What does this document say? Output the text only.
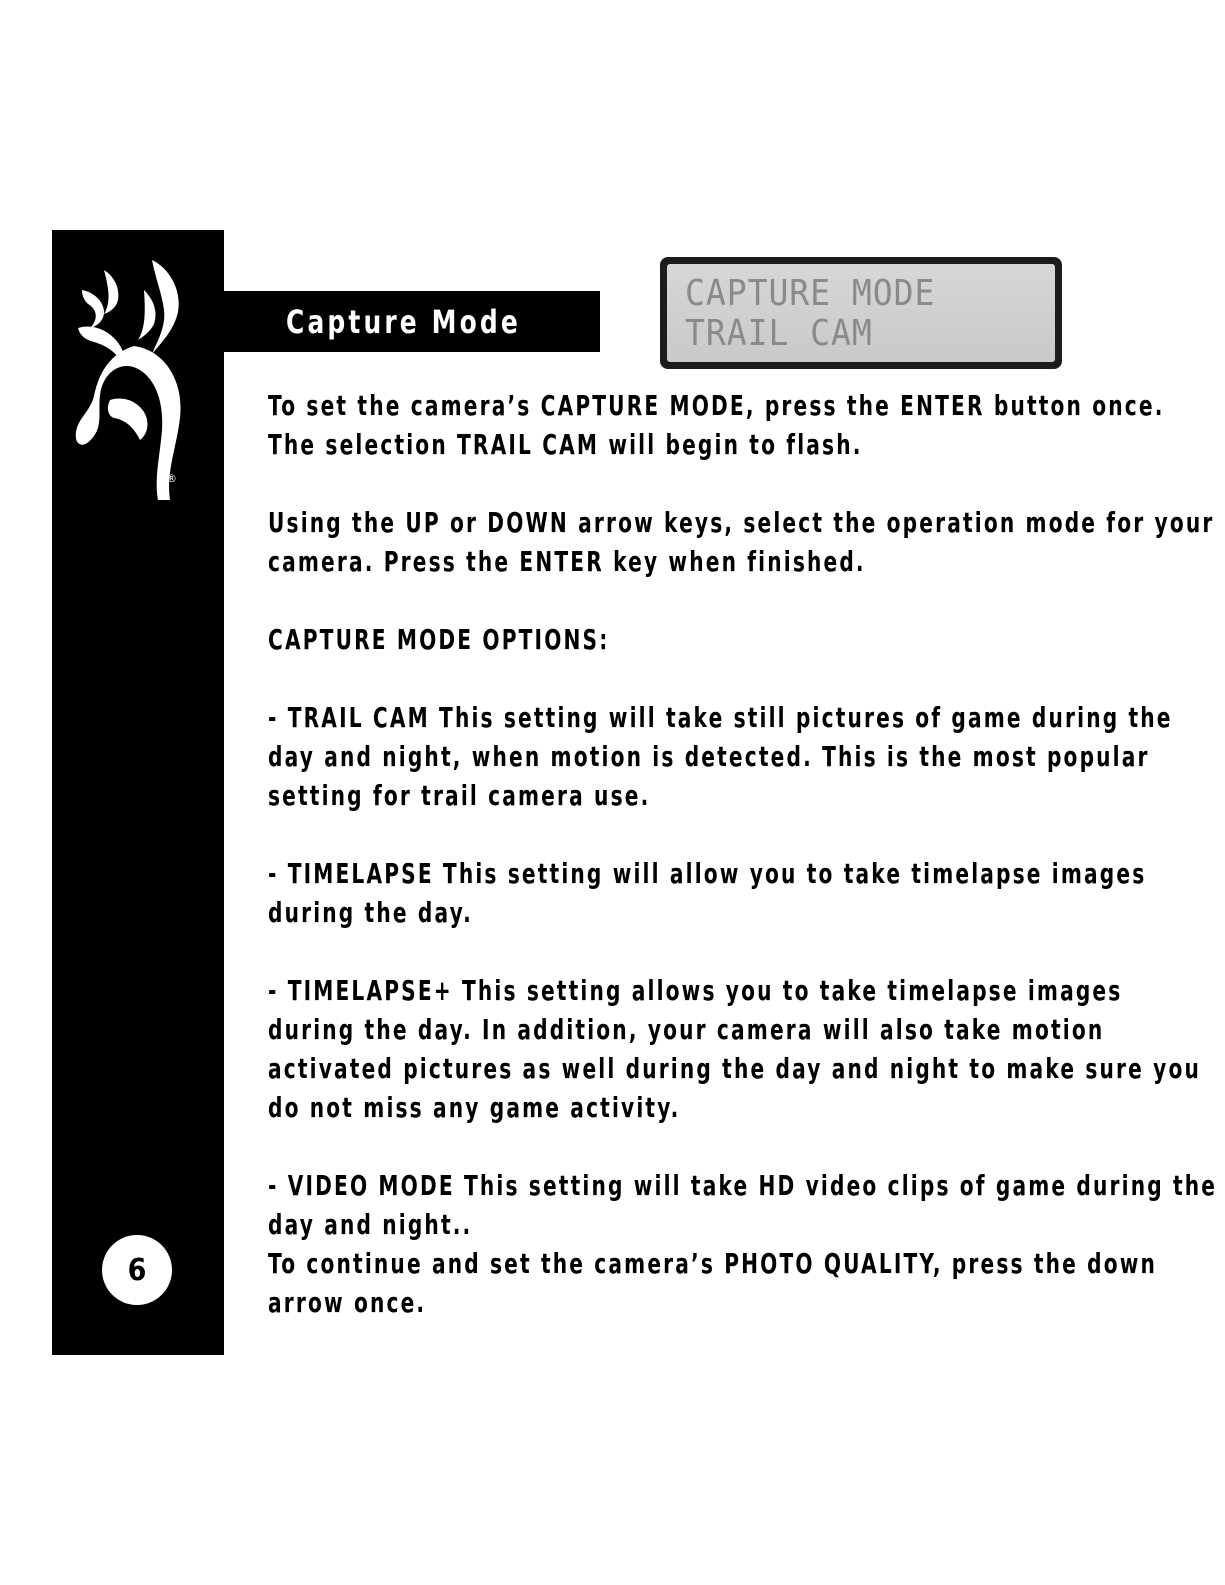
®
6
Capture Mode
CAPTURE MODE
TRAIL CAM

To set the camera’s CAPTURE MODE, press the ENTER button once. The selection TRAIL CAM will begin to flash.

Using the UP or DOWN arrow keys, select the operation mode for your camera. Press the ENTER key when finished.

CAPTURE MODE OPTIONS:

- TRAIL CAM This setting will take still pictures of game during the day and night, when motion is detected. This is the most popular setting for trail camera use.

- TIMELAPSE This setting will allow you to take timelapse images during the day.

- TIMELAPSE+ This setting allows you to take timelapse images during the day. In addition, your camera will also take motion activated pictures as well during the day and night to make sure you do not miss any game activity.

- VIDEO MODE This setting will take HD video clips of game during the day and night..

To continue and set the camera’s PHOTO QUALITY, press the down arrow once.
